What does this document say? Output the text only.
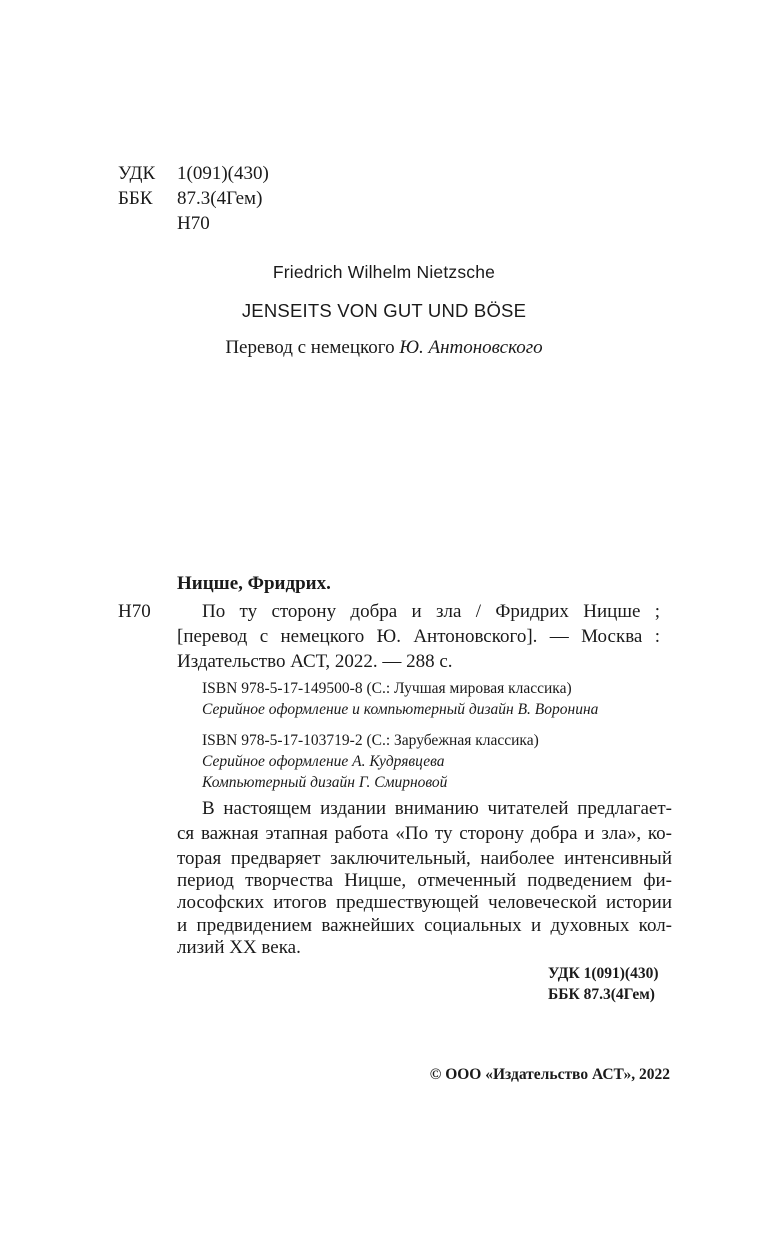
УДК 1(091)(430)
ББК 87.3(4Гем)
Н70
Friedrich Wilhelm Nietzsche
JENSEITS VON GUT UND BÖSE
Перевод с немецкого Ю. Антоновского
Ницше, Фридрих.
Н70	По ту сторону добра и зла / Фридрих Ницше ;
[перевод с немецкого Ю. Антоновского]. — Москва :
Издательство АСТ, 2022. — 288 с.
ISBN 978-5-17-149500-8 (С.: Лучшая мировая классика)
Серийное оформление и компьютерный дизайн В. Воронина
ISBN 978-5-17-103719-2 (С.: Зарубежная классика)
Серийное оформление А. Кудрявцева
Компьютерный дизайн Г. Смирновой
В настоящем издании вниманию читателей предлагает-
ся важная этапная работа «По ту сторону добра и зла», ко-
торая предваряет заключительный, наиболее интенсивный
период творчества Ницше, отмеченный подведением фи-
лософских итогов предшествующей человеческой истории
и предвидением важнейших социальных и духовных кол-
лизий XX века.
УДК 1(091)(430)
ББК 87.3(4Гем)
© ООО «Издательство АСТ», 2022
